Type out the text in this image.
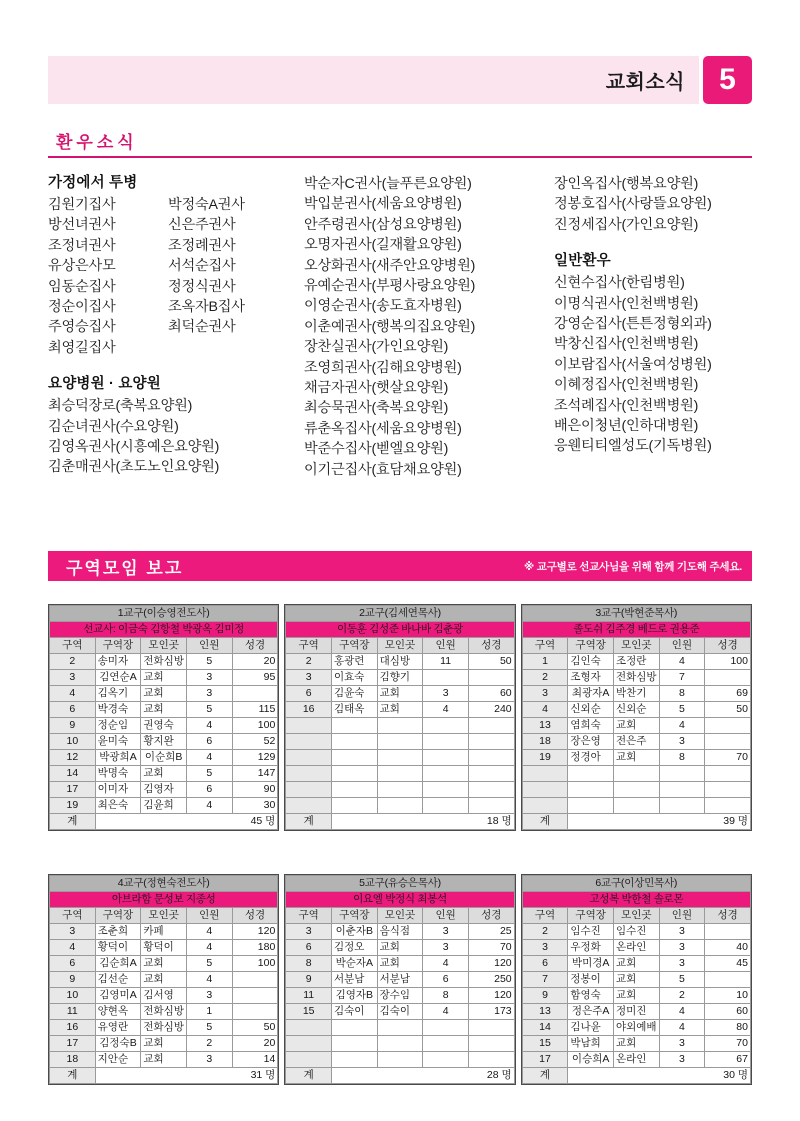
교회소식	5
환우소식
가정에서 투병
김원기집사	박정숙A권사
방선녀권사	신은주권사
조정녀권사	조정례권사
유상은사모	서석순집사
임동순집사	정정식권사
정순이집사	조옥자B집사
주영승집사	최덕순권사
최영길집사
요양병원 · 요양원
최승덕장로(축복요양원)
김순녀권사(수요양원)
김영옥권사(시흥예은요양원)
김춘매권사(초도노인요양원)
박순자C권사(늘푸른요양원)
박입분권사(세움요양병원)
안주령권사(삼성요양병원)
오명자권사(길재활요양원)
오상화권사(새주안요양병원)
유예순권사(부평사랑요양원)
이영순권사(송도효자병원)
이춘예권사(행복의집요양원)
장찬실권사(가인요양원)
조영희권사(김해요양병원)
채금자권사(햇살요양원)
최승묵권사(축복요양원)
류춘옥집사(세움요양병원)
박준수집사(벧엘요양원)
이기근집사(효담채요양원)
장인옥집사(행복요양원)
정봉호집사(사랑뜰요양원)
진정세집사(가인요양원)
일반환우
신현수집사(한림병원)
이명식권사(인천백병원)
강영순집사(튼튼정형외과)
박창신집사(인천백병원)
이보람집사(서울여성병원)
이혜정집사(인천백병원)
조석례집사(인천백병원)
배은이청년(인하대병원)
응웬티티엘성도(기독병원)
구역모임 보고	※ 교구별로 선교사님을 위해 함께 기도해 주세요.
1교구(이승영전도사)				
선교사: 이금숙 김항철 박광옥 김미정				
구역	구역장	모인곳	인원	성경
2	송미자	전화심방	5	20
3	김연순A	교회	3	95
4	김옥기	교회	3	
6	박경숙	교회	5	115
9	정순임	권영숙	4	100
10	윤미숙	황지완	6	52
12	박광희A	이순희B	4	129
14	박명숙	교회	5	147
17	이미자	김영자	6	90
19	최은숙	김윤희	4	30
계	45 명			
2교구(김세연목사)				
이동훈 김성준 바나바 김춘광				
구역	구역장	모인곳	인원	성경
2	홍광련	대심방	11	50
3	이효숙	김향기		
6	김윤숙	교회	3	60
16	김태옥	교회	4	240

계	18 명			
3교구(박현준목사)				
졸도쉬 김주경 베드로 권용준				
구역	구역장	모인곳	인원	성경
1	김인숙	조정란	4	100
2	조형자	전화심방	7	
3	최광자A	박찬기	8	69
4	신외순	신외순	5	50
13	염희숙	교회	4	
18	장은영	전은주	3	
19	정경아	교회	8	70

계	39 명			
4교구(정현숙전도사)				
아브라함 문성보 지종성				
구역	구역장	모인곳	인원	성경
3	조춘희	카페	4	120
4	황덕이	황덕이	4	180
6	김순희A	교회	5	100
9	김선순	교회	4	
10	김영미A	김서영	3	
11	양현옥	전화심방	1	
16	유영란	전화심방	5	50
17	김정숙B	교회	2	20
18	지안순	교회	3	14
계	31 명			
5교구(유승은목사)				
이요엘 박정식 최봉석				
구역	구역장	모인곳	인원	성경
3	이춘자B	음식점	3	25
6	김정오	교회	3	70
8	박순자A	교회	4	120
9	서분남	서분남	6	250
11	김영자B	장수임	8	120
15	김숙이	김숙이	4	173

계	28 명			
6교구(이상민목사)				
고성복 박한철 솔로몬				
구역	구역장	모인곳	인원	성경
2	임수진	임수진	3	
3	우정화	온라인	3	40
6	박미경A	교회	3	45
7	정봉이	교회	5	
9	함영숙	교회	2	10
13	정은주A	정미진	4	60
14	김나윤	야외예배	4	80
15	박남희	교회	3	70
17	이승희A	온라인	3	67
계	30 명			
